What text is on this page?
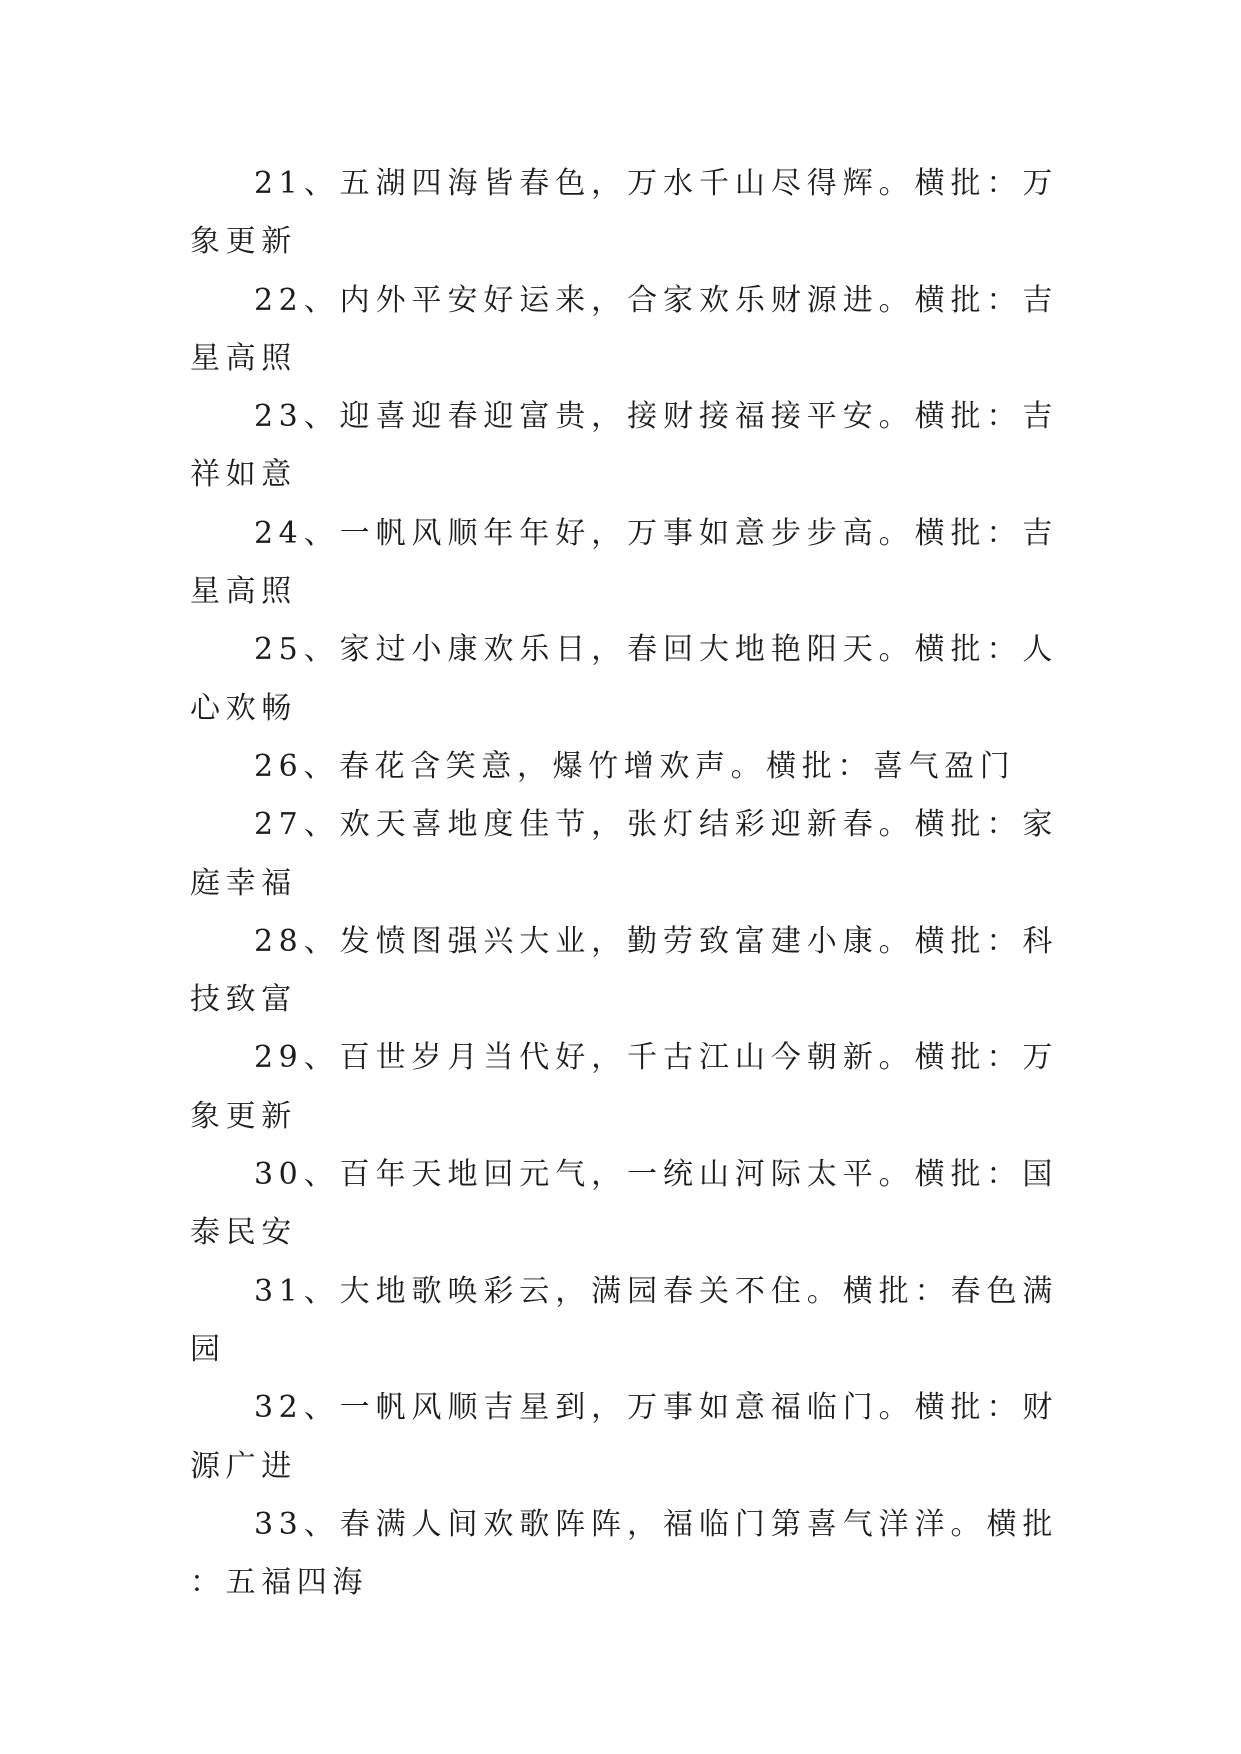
21、五湖四海皆春色，万水千山尽得辉。横批：万象更新

22、内外平安好运来，合家欢乐财源进。横批：吉星高照

23、迎喜迎春迎富贵，接财接福接平安。横批：吉祥如意

24、一帆风顺年年好，万事如意步步高。横批：吉星高照

25、家过小康欢乐日，春回大地艳阳天。横批：人心欢畅

26、春花含笑意，爆竹增欢声。横批：喜气盈门

27、欢天喜地度佳节，张灯结彩迎新春。横批：家庭幸福

28、发愤图强兴大业，勤劳致富建小康。横批：科技致富

29、百世岁月当代好，千古江山今朝新。横批：万象更新

30、百年天地回元气，一统山河际太平。横批：国泰民安

31、大地歌唤彩云，满园春关不住。横批：春色满园

32、一帆风顺吉星到，万事如意福临门。横批：财源广进

33、春满人间欢歌阵阵，福临门第喜气洋洋。横批：五福四海
